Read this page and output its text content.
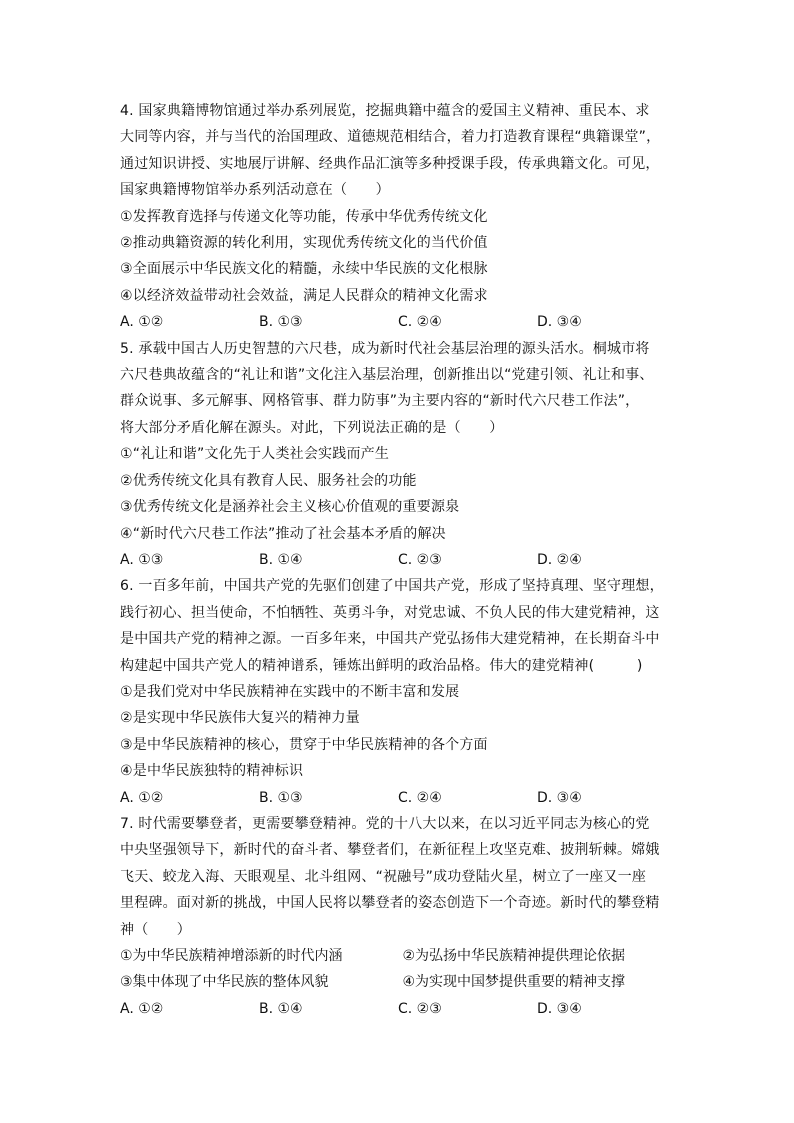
4. 国家典籍博物馆通过举办系列展览，挖掘典籍中蕴含的爱国主义精神、重民本、求
大同等内容，并与当代的治国理政、道德规范相结合，着力打造教育课程“典籍课堂”，
通过知识讲授、实地展厅讲解、经典作品汇演等多种授课手段，传承典籍文化。可见，
国家典籍博物馆举办系列活动意在（　　）
①发挥教育选择与传递文化等功能，传承中华优秀传统文化
②推动典籍资源的转化利用，实现优秀传统文化的当代价值
③全面展示中华民族文化的精髓，永续中华民族的文化根脉
④以经济效益带动社会效益，满足人民群众的精神文化需求
A. ①②	B. ①③	C. ②④	D. ③④
5. 承载中国古人历史智慧的六尺巷，成为新时代社会基层治理的源头活水。桐城市将
六尺巷典故蕴含的“礼让和谐”文化注入基层治理，创新推出以“党建引领、礼让和事、
群众说事、多元解事、网格管事、群力防事”为主要内容的“新时代六尺巷工作法”，
将大部分矛盾化解在源头。对此，下列说法正确的是（　　）
①“礼让和谐”文化先于人类社会实践而产生
②优秀传统文化具有教育人民、服务社会的功能
③优秀传统文化是涵养社会主义核心价值观的重要源泉
④“新时代六尺巷工作法”推动了社会基本矛盾的解决
A. ①③	B. ①④	C. ②③	D. ②④
6. 一百多年前，中国共产党的先驱们创建了中国共产党，形成了坚持真理、坚守理想，
践行初心、担当使命，不怕牺牲、英勇斗争，对党忠诚、不负人民的伟大建党精神，这
是中国共产党的精神之源。一百多年来，中国共产党弘扬伟大建党精神，在长期奋斗中
构建起中国共产党人的精神谱系，锤炼出鲜明的政治品格。伟大的建党精神(　　　)
①是我们党对中华民族精神在实践中的不断丰富和发展
②是实现中华民族伟大复兴的精神力量
③是中华民族精神的核心，贯穿于中华民族精神的各个方面
④是中华民族独特的精神标识
A. ①②	B. ①③	C. ②④	D. ③④
7. 时代需要攀登者，更需要攀登精神。党的十八大以来，在以习近平同志为核心的党
中央坚强领导下，新时代的奋斗者、攀登者们，在新征程上攻坚克难、披荆斩棘。嫦娥
飞天、蛟龙入海、天眼观星、北斗组网、“祝融号”成功登陆火星，树立了一座又一座
里程碑。面对新的挑战，中国人民将以攀登者的姿态创造下一个奇迹。新时代的攀登精
神（　　）
①为中华民族精神增添新的时代内涵	②为弘扬中华民族精神提供理论依据
③集中体现了中华民族的整体风貌	④为实现中国梦提供重要的精神支撑
A. ①②	B. ①④	C. ②③	D. ③④
